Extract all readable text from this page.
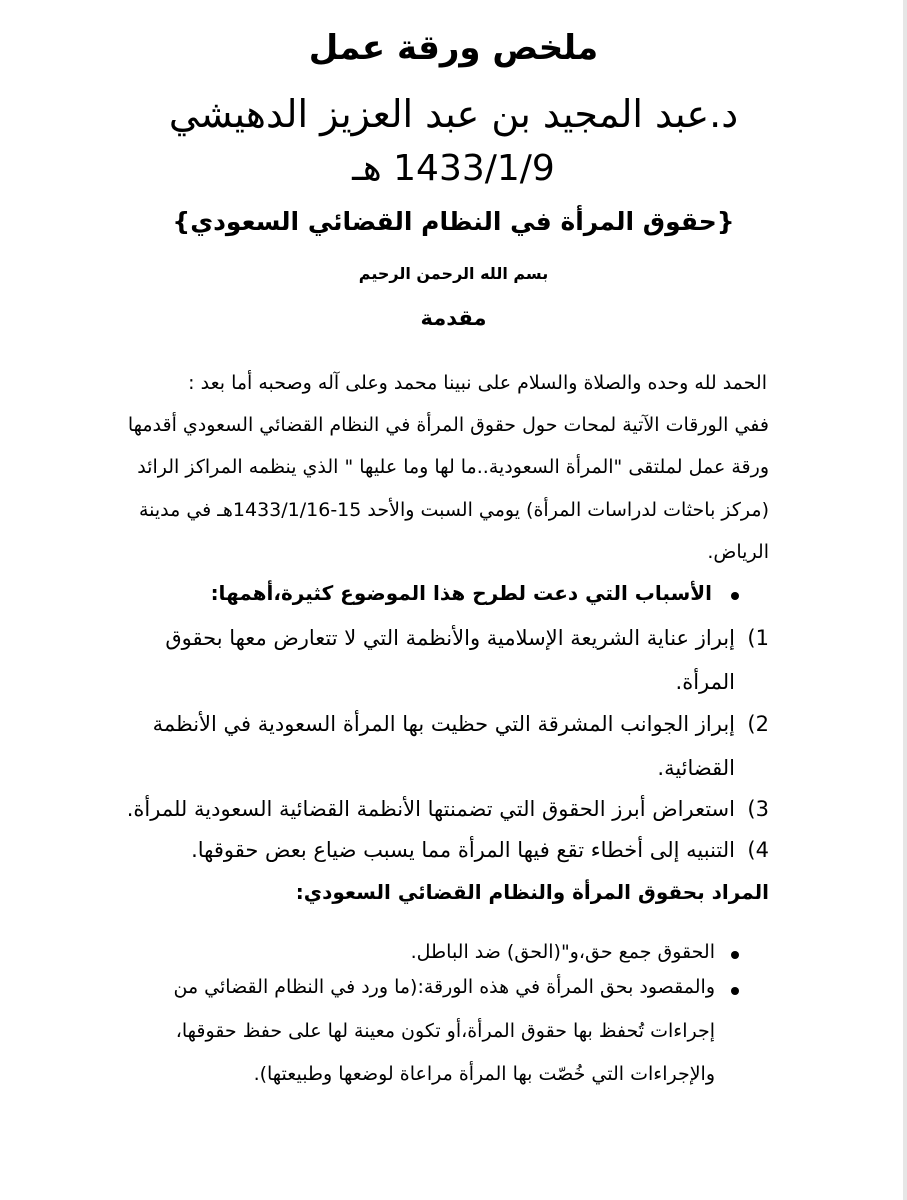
ملخص ورقة عمل
د.عبد المجيد بن عبد العزيز الدهيشي
1433/1/9 هـ
{حقوق المرأة في النظام القضائي السعودي}
بسم الله الرحمن الرحيم
مقدمة
الحمد لله وحده والصلاة والسلام على نبينا محمد وعلى آله وصحبه أما بعد :
ففي الورقات الآتية لمحات حول حقوق المرأة في النظام القضائي السعودي أقدمها
ورقة عمل لملتقى "المرأة السعودية..ما لها وما عليها " الذي ينظمه المراكز الرائد
(مركز باحثات لدراسات المرأة) يومي السبت والأحد 15-1433/1/16هـ في مدينة
الرياض.
الأسباب التي دعت لطرح هذا الموضوع كثيرة،أهمها:
1)
إبراز عناية الشريعة الإسلامية والأنظمة التي لا تتعارض معها بحقوق
المرأة.
2)
إبراز الجوانب المشرقة التي حظيت بها المرأة السعودية في الأنظمة
القضائية.
3)
استعراض أبرز الحقوق التي تضمنتها الأنظمة القضائية السعودية للمرأة.
4)
التنبيه إلى أخطاء تقع فيها المرأة مما يسبب ضياع بعض حقوقها.
المراد بحقوق المرأة والنظام القضائي السعودي:
الحقوق جمع حق،و"(الحق) ضد الباطل.
والمقصود بحق المرأة في هذه الورقة:(ما ورد في النظام القضائي من
إجراءات تُحفظ بها حقوق المرأة،أو تكون معينة لها على حفظ حقوقها،
والإجراءات التي خُصّت بها المرأة مراعاة لوضعها وطبيعتها).
